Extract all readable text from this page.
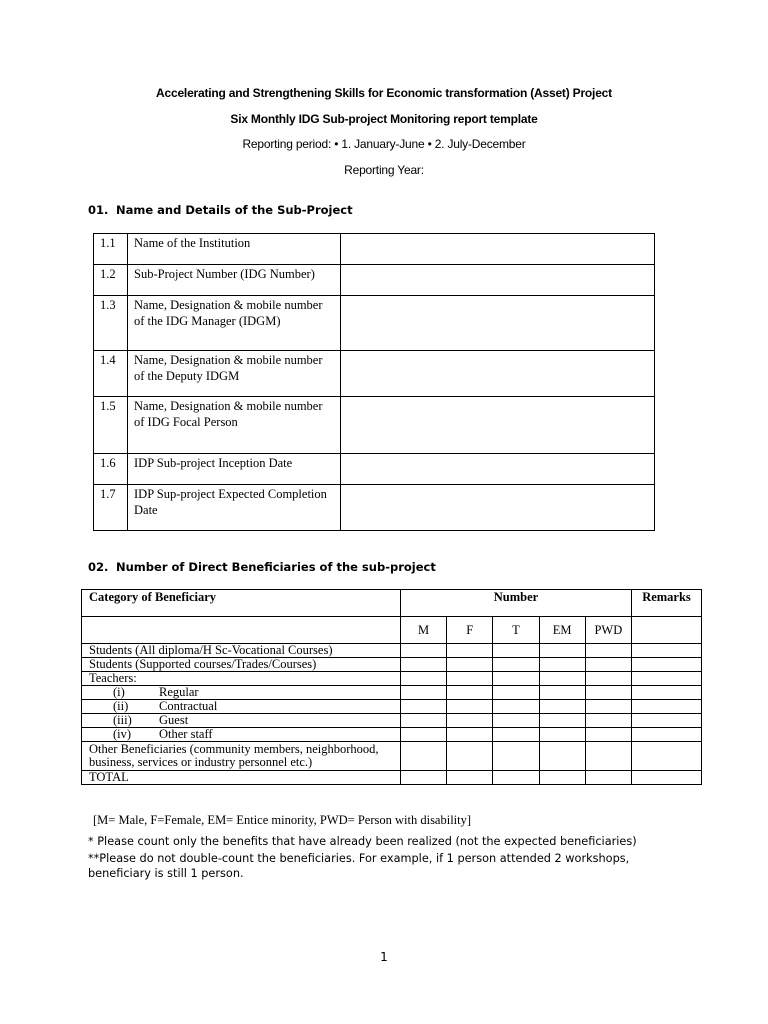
Accelerating and Strengthening Skills for Economic transformation (Asset) Project
Six Monthly IDG Sub-project Monitoring report template
Reporting period: • 1. January-June • 2. July-December
Reporting Year:
01. Name and Details of the Sub-Project
1.1	Name of the Institution	
1.2	Sub-Project Number (IDG Number)	
1.3	Name, Designation & mobile number of the IDG Manager (IDGM)	
1.4	Name, Designation & mobile number of the Deputy IDGM	
1.5	Name, Designation & mobile number of IDG Focal Person	
1.6	IDP Sub-project Inception Date	
1.7	IDP Sup-project Expected Completion Date	
02. Number of Direct Beneficiaries of the sub-project
Category of Beneficiary	Number					Remarks
	M	F	T	EM	PWD	
Students (All diploma/H Sc-Vocational Courses)						
Students (Supported courses/Trades/Courses)						
Teachers:						
(i) Regular						
(ii) Contractual						
(iii) Guest						
(iv) Other staff						
Other Beneficiaries (community members, neighborhood, business, services or industry personnel etc.)						
TOTAL						
[M= Male, F=Female, EM= Entice minority, PWD= Person with disability]
* Please count only the benefits that have already been realized (not the expected beneficiaries)
**Please do not double-count the beneficiaries. For example, if 1 person attended 2 workshops, beneficiary is still 1 person.
1
